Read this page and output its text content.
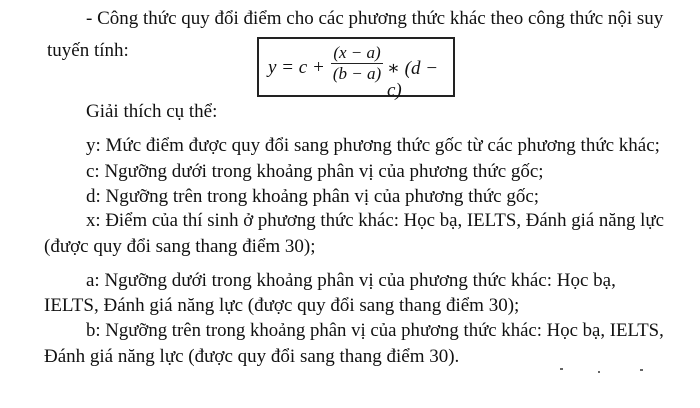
- Công thức quy đổi điểm cho các phương thức khác theo công thức nội suy
tuyến tính:
y = c +
(x − a)
(b − a) ∗ (d − c)
Giải thích cụ thể:
y: Mức điểm được quy đổi sang phương thức gốc từ các phương thức khác;
c: Ngưỡng dưới trong khoảng phân vị của phương thức gốc;
d: Ngưỡng trên trong khoảng phân vị của phương thức gốc;
x: Điểm của thí sinh ở phương thức khác: Học bạ, IELTS, Đánh giá năng lực
(được quy đổi sang thang điểm 30);
a: Ngưỡng dưới trong khoảng phân vị của phương thức khác: Học bạ,
IELTS, Đánh giá năng lực (được quy đổi sang thang điểm 30);
b: Ngưỡng trên trong khoảng phân vị của phương thức khác: Học bạ, IELTS,
Đánh giá năng lực (được quy đổi sang thang điểm 30).
